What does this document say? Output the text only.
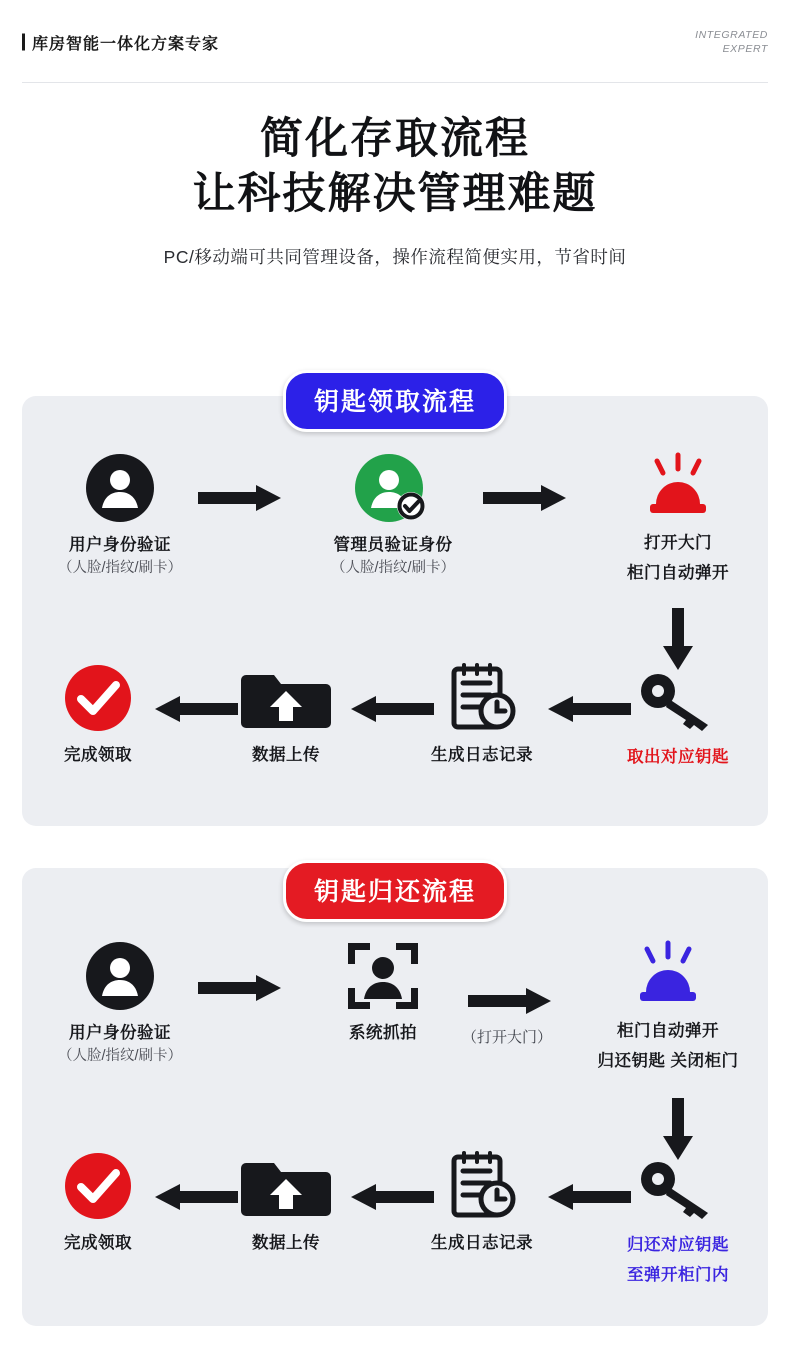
库房智能一体化方案专家
INTEGRATED
EXPERT
简化存取流程
让科技解决管理难题
PC/移动端可共同管理设备，操作流程简便实用，节省时间
钥匙领取流程
用户身份验证
（人脸/指纹/刷卡）
管理员验证身份
（人脸/指纹/刷卡）
打开大门
柜门自动弹开
取出对应钥匙
生成日志记录
数据上传
完成领取
钥匙归还流程
用户身份验证
（人脸/指纹/刷卡）
系统抓拍	（打开大门）	柜门自动弹开
归还钥匙 关闭柜门
归还对应钥匙
至弹开柜门内
生成日志记录
数据上传
完成领取
